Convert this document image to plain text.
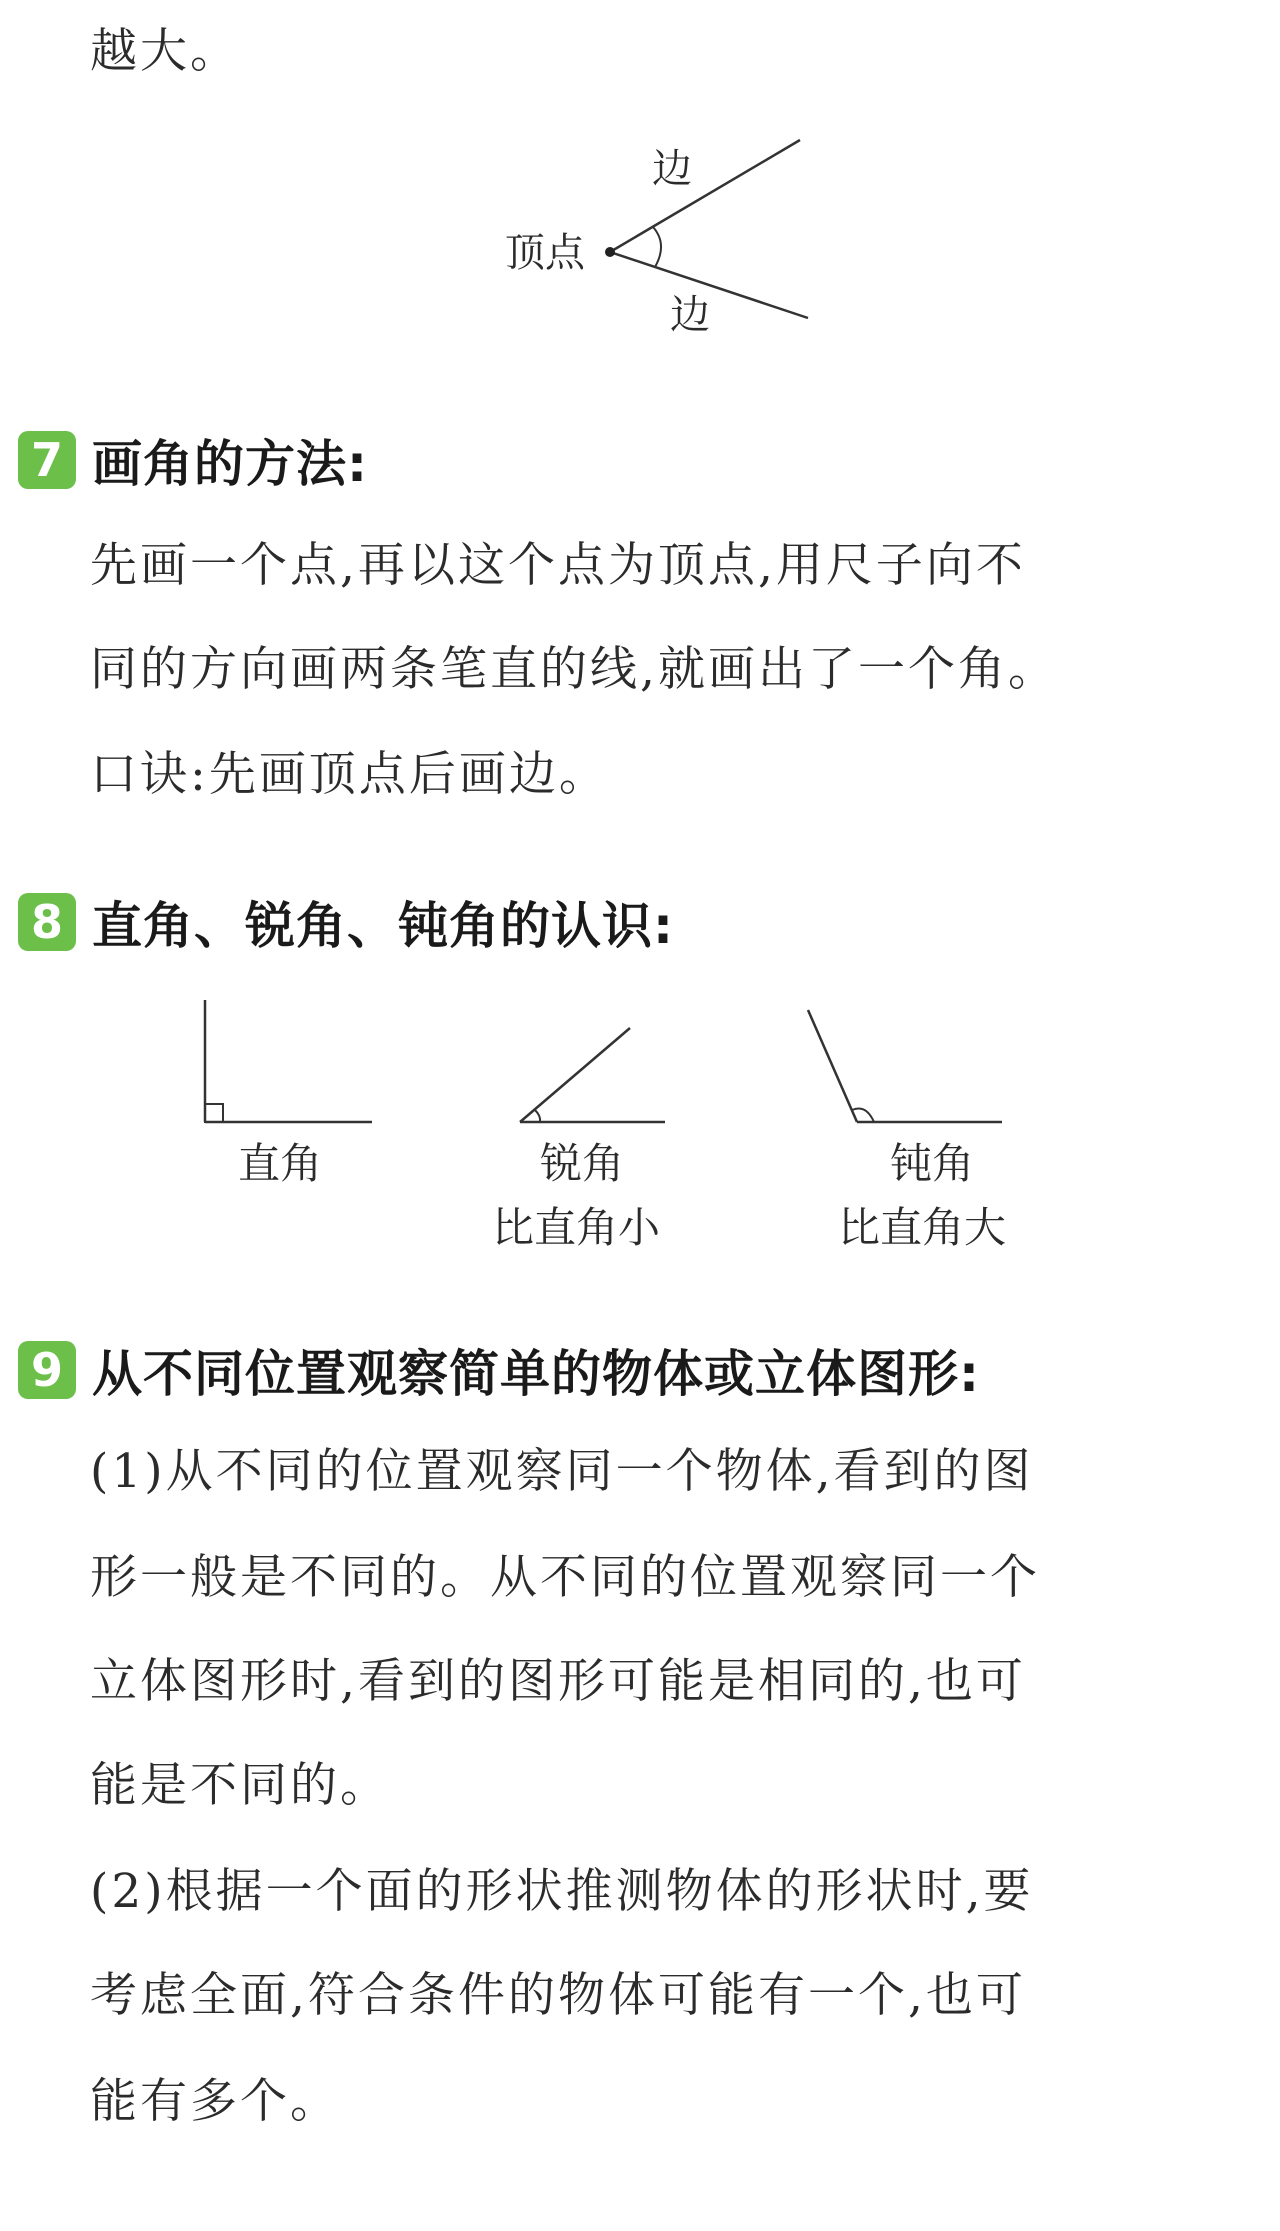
越大。
顶点
边
边
7 画角的方法:
先画一个点,再以这个点为顶点,用尺子向不
同的方向画两条笔直的线,就画出了一个角。
口诀:先画顶点后画边。
8 直角、锐角、钝角的认识:
直角	锐角
比直角小
钝角
比直角大
9 从不同位置观察简单的物体或立体图形:
(1)从不同的位置观察同一个物体,看到的图
形一般是不同的。从不同的位置观察同一个
立体图形时,看到的图形可能是相同的,也可
能是不同的。
(2)根据一个面的形状推测物体的形状时,要
考虑全面,符合条件的物体可能有一个,也可
能有多个。
